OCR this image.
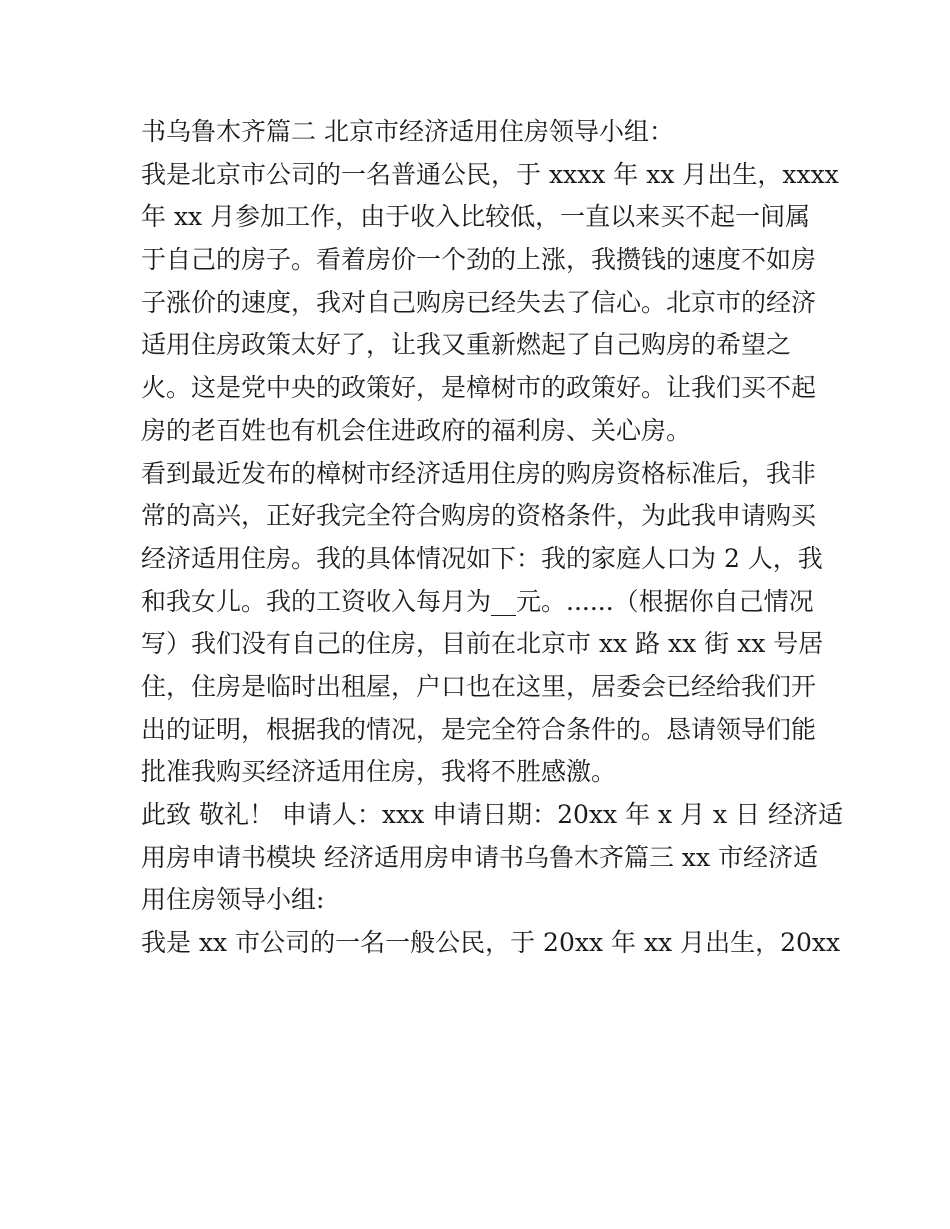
书乌鲁木齐篇二 北京市经济适用住房领导小组：
我是北京市公司的一名普通公民，于 xxxx 年 xx 月出生，xxxx
年 xx 月参加工作，由于收入比较低，一直以来买不起一间属
于自己的房子。看着房价一个劲的上涨，我攒钱的速度不如房
子涨价的速度，我对自己购房已经失去了信心。北京市的经济
适用住房政策太好了，让我又重新燃起了自己购房的希望之
火。这是党中央的政策好，是樟树市的政策好。让我们买不起
房的老百姓也有机会住进政府的福利房、关心房。
看到最近发布的樟树市经济适用住房的购房资格标准后，我非
常的高兴，正好我完全符合购房的资格条件，为此我申请购买
经济适用住房。我的具体情况如下：我的家庭人口为 2 人，我
和我女儿。我的工资收入每月为__元。......（根据你自己情况
写）我们没有自己的住房，目前在北京市 xx 路 xx 街 xx 号居
住，住房是临时出租屋，户口也在这里，居委会已经给我们开
出的证明，根据我的情况，是完全符合条件的。恳请领导们能
批准我购买经济适用住房，我将不胜感激。
此致 敬礼！ 申请人：xxx 申请日期：20xx 年 x 月 x 日 经济适
用房申请书模块 经济适用房申请书乌鲁木齐篇三 xx 市经济适
用住房领导小组:
我是 xx 市公司的一名一般公民，于 20xx 年 xx 月出生，20xx
